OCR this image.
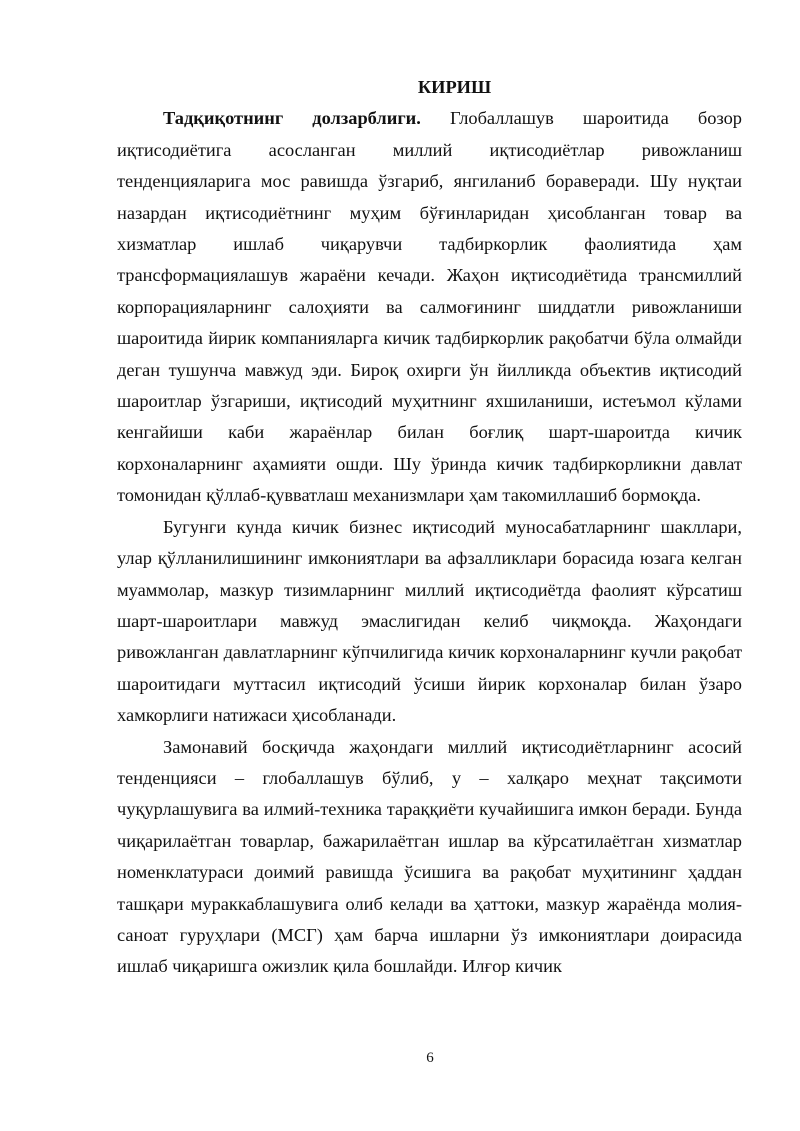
КИРИШ

Тадқиқотнинг долзарблиги. Глобаллашув шароитида бозор иқтисодиётига асосланган миллий иқтисодиётлар ривожланиш тенденцияларига мос равишда ўзгариб, янгиланиб бораверади. Шу нуқтаи назардан иқтисодиётнинг муҳим бўғинларидан ҳисобланган товар ва хизматлар ишлаб чиқарувчи тадбиркорлик фаолиятида ҳам трансформациялашув жараёни кечади. Жаҳон иқтисодиётида трансмиллий корпорацияларнинг салоҳияти ва салмоғининг шиддатли ривожланиши шароитида йирик компанияларга кичик тадбиркорлик рақобатчи бўла олмайди деган тушунча мавжуд эди. Бироқ охирги ўн йилликда объектив иқтисодий шароитлар ўзгариши, иқтисодий муҳитнинг яхшиланиши, истеъмол кўлами кенгайиши каби жараёнлар билан боғлиқ шарт-шароитда кичик корхоналарнинг аҳамияти ошди. Шу ўринда кичик тадбиркорликни давлат томонидан қўллаб-қувватлаш механизмлари ҳам такомиллашиб бормоқда.

Бугунги кунда кичик бизнес иқтисодий муносабатларнинг шакллари, улар қўлланилишининг имкониятлари ва афзалликлари борасида юзага келган муаммолар, мазкур тизимларнинг миллий иқтисодиётда фаолият кўрсатиш шарт-шароитлари мавжуд эмаслигидан келиб чиқмоқда. Жаҳондаги ривожланган давлатларнинг кўпчилигида кичик корхоналарнинг кучли рақобат шароитидаги муттасил иқтисодий ўсиши йирик корхоналар билан ўзаро хамкорлиги натижаси ҳисобланади.

Замонавий босқичда жаҳондаги миллий иқтисодиётларнинг асосий тенденцияси – глобаллашув бўлиб, у – халқаро меҳнат тақсимоти чуқурлашувига ва илмий-техника тараққиёти кучайишига имкон беради. Бунда чиқарилаётган товарлар, бажарилаётган ишлар ва кўрсатилаётган хизматлар номенклатураси доимий равишда ўсишига ва рақобат муҳитининг ҳаддан ташқари мураккаблашувига олиб келади ва ҳаттоки, мазкур жараёнда молия-саноат гуруҳлари (МСГ) ҳам барча ишларни ўз имкониятлари доирасида ишлаб чиқаришга ожизлик қила бошлайди. Илғор кичик

6
